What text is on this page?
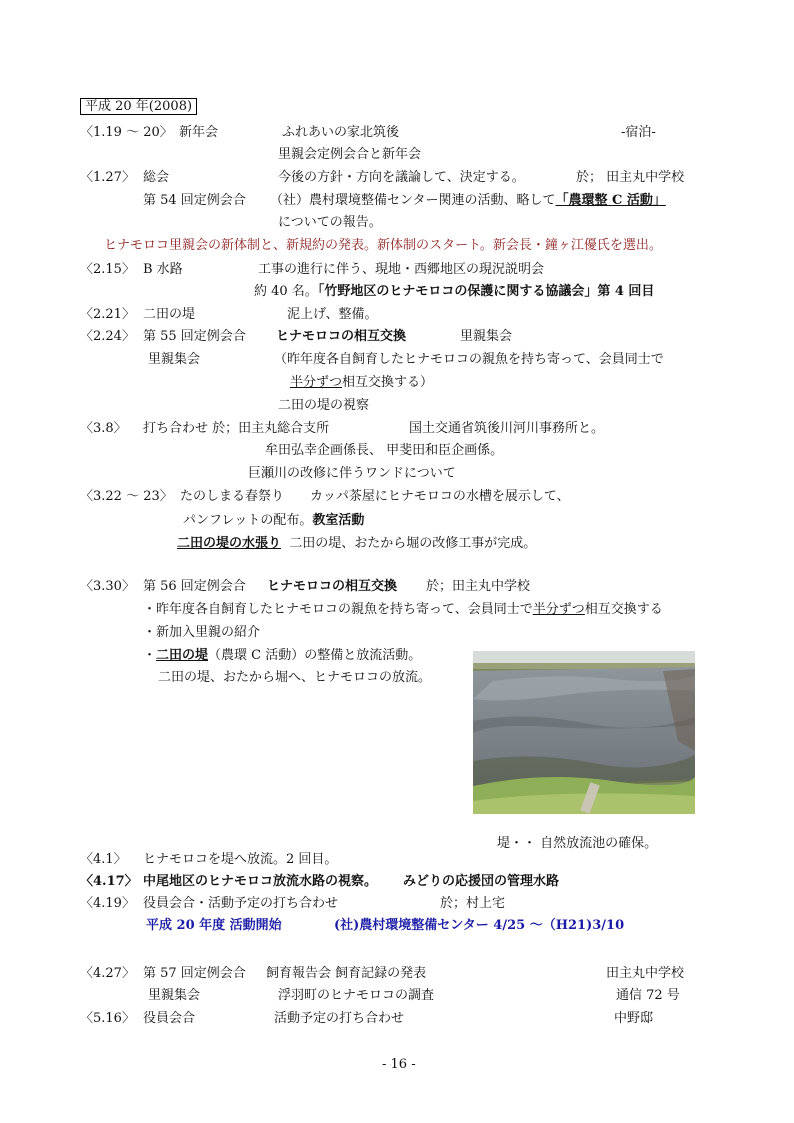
平成 20 年(2008)
〈1.19 ～ 20〉 新年会	ふれあいの家北筑後	-宿泊-
里親会定例会合と新年会
〈1.27〉 総会	今後の方針・方向を議論して、決定する。	於； 田主丸中学校
第 54 回定例会合 （社）農村環境整備センター関連の活動、略して「農環整 C 活動」
についての報告。
ヒナモロコ里親会の新体制と、新規約の発表。新体制のスタート。新会長・鐘ヶ江優氏を選出。
〈2.15〉 B 水路	工事の進行に伴う、現地・西郷地区の現況説明会
約 40 名。「竹野地区のヒナモロコの保護に関する協議会」第 4 回目
〈2.21〉 二田の堤	泥上げ、整備。
〈2.24〉 第 55 回定例会合 ヒナモロコの相互交換	里親集会
里親集会	（昨年度各自飼育したヒナモロコの親魚を持ち寄って、会員同士で
半分ずつ相互交換する）
二田の堤の視察
〈3.8〉 打ち合わせ 於；田主丸総合支所	国土交通省筑後川河川事務所と。
牟田弘幸企画係長、 甲斐田和臣企画係。
巨瀬川の改修に伴うワンドについて
〈3.22 ～ 23〉 たのしまる春祭り カッパ茶屋にヒナモロコの水槽を展示して、
パンフレットの配布。教室活動
二田の堤の水張り 二田の堤、おたから堀の改修工事が完成。
〈3.30〉 第 56 回定例会合 ヒナモロコの相互交換 於；田主丸中学校
・昨年度各自飼育したヒナモロコの親魚を持ち寄って、会員同士で半分ずつ相互交換する
・新加入里親の紹介
・二田の堤（農環 C 活動）の整備と放流活動。
二田の堤、おたから堀へ、ヒナモロコの放流。
堤・・ 自然放流池の確保。
〈4.1〉 ヒナモロコを堤へ放流。2 回目。
〈4.17〉 中尾地区のヒナモロコ放流水路の視察。 みどりの応援団の管理水路
〈4.19〉 役員会合・活動予定の打ち合わせ	於；村上宅
平成 20 年度 活動開始	(社)農村環境整備センター 4/25 ～（H21)3/10
〈4.27〉 第 57 回定例会合 飼育報告会 飼育記録の発表	田主丸中学校
里親集会	浮羽町のヒナモロコの調査	通信 72 号
〈5.16〉 役員会合	活動予定の打ち合わせ	中野邸
- 16 -
